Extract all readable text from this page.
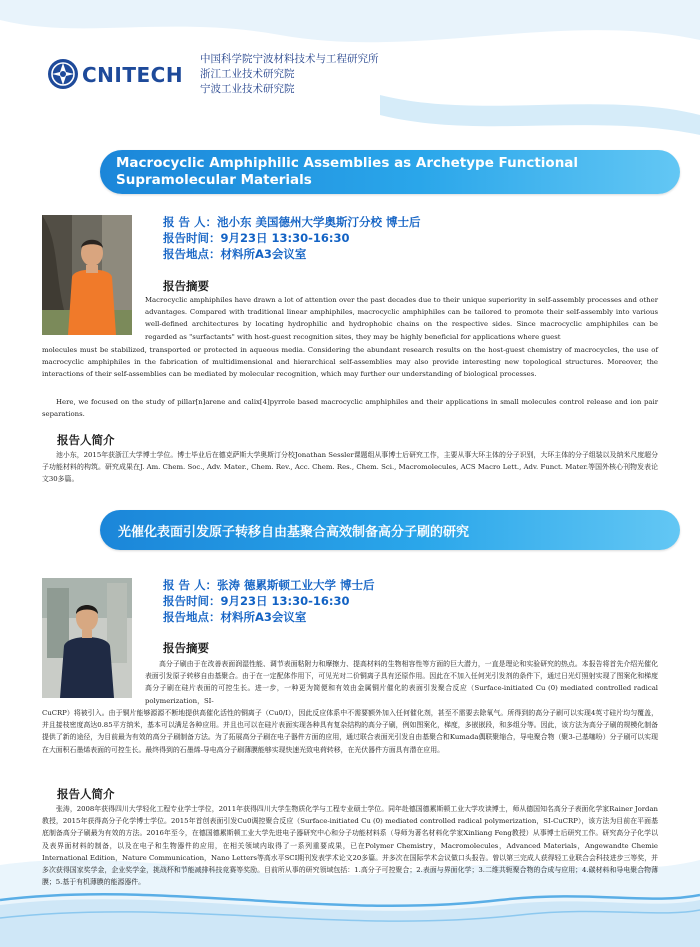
CNITECH
中国科学院宁波材料技术与工程研究所
浙江工业技术研究院
宁波工业技术研究院
Macrocyclic Amphiphilic Assemblies as Archetype Functional
Supramolecular Materials
报 告 人：池小东 美国德州大学奥斯汀分校 博士后
报告时间：9月23日 13:30-16:30
报告地点：材料所A3会议室
报告摘要
Macrocyclic amphiphiles have drawn a lot of attention over the past decades due to their unique superiority in self-assembly processes and other advantages. Compared with traditional linear amphiphiles, macrocyclic amphiphiles can be tailored to promote their self-assembly into various well-defined architectures by locating hydrophilic and hydrophobic chains on the respective sides. Since macrocyclic amphiphiles can be regarded as "surfactants" with host-guest recognition sites, they may be highly beneficial for applications where guest
molecules must be stabilized, transported or protected in aqueous media. Considering the abundant research results on the host-guest chemistry of macrocycles, the use of macrocyclic amphiphiles in the fabrication of multidimensional and hierarchical self-assemblies may also provide interesting new topological structures. Moreover, the interactions of their self-assemblies can be mediated by molecular recognition, which may further our understanding of biological processes.
Here, we focused on the study of pillar[n]arene and calix[4]pyrrole based macrocyclic amphiphiles and their applications in small molecules control release and ion pair separations.
报告人简介
池小东，2015年获浙江大学博士学位。博士毕业后在德克萨斯大学奥斯汀分校Jonathan Sessler课题组从事博士后研究工作，主要从事大环主体的分子识别，大环主体的分子组装以及纳米尺度超分子功能材料的构筑。研究成果在J. Am. Chem. Soc., Adv. Mater., Chem. Rev., Acc. Chem. Res., Chem. Sci., Macromolecules, ACS Macro Lett., Adv. Funct. Mater.等国外核心刊物发表论文30多篇。
光催化表面引发原子转移自由基聚合高效制备高分子刷的研究
报 告 人：张涛 德累斯顿工业大学 博士后
报告时间：9月23日 13:30-16:30
报告地点：材料所A3会议室
报告摘要
高分子刷由于在改善表面润湿性能、调节表面粘附力和摩擦力、提高材料的生物相容性等方面的巨大潜力，一直是理论和实验研究的热点。本报告将首先介绍光催化表面引发原子转移自由基聚合。由于在一定配体作用下，可见光对二价铜离子具有还原作用。因此在不加入任何光引发剂的条件下，通过日光灯照射实现了图案化和梯度高分子刷在硅片表面的可控生长。进一步，一种更为简便和有效由金属铜片催化的表面引发聚合反应（Surface-initiated Cu (0) mediated controlled radical polymerization，SI-
CuCRP）将被引入。由于铜片能够源源不断地提供高催化活性的铜离子（Cu0/I），因此反应体系中不需要额外加入任何催化剂，甚至不需要去除氧气。所得到的高分子刷可以实现4英寸硅片均匀覆盖，并且接枝密度高达0.85平方纳米，基本可以满足各种应用。并且也可以在硅片表面实现各种具有复杂结构的高分子刷，例如图案化，梯度，多嵌嵌段，和多组分等。因此，该方法为高分子刷的规模化制备提供了新的途径，为目前最为有效的高分子刷制备方法。为了拓展高分子刷在电子器件方面的应用，通过联合表面光引发自由基聚合和Kumada偶联聚缩合，导电聚合物（聚3-己基噻吩）分子刷可以实现在大面积石墨烯表面的可控生长。最终得到的石墨烯-导电高分子刷薄膜能够实现快速光致电荷转移，在光伏器件方面具有潜在应用。
报告人简介
张涛，2008年获得四川大学轻化工程专业学士学位，2011年获得四川大学生物质化学与工程专业硕士学位。同年赴德国德累斯顿工业大学攻读博士，师从德国知名高分子表面化学家Rainer Jordan教授，2015年获得高分子化学博士学位。2015年首创表面引发Cu0调控聚合反应（Surface-initiated Cu (0) mediated controlled radical polymerization，SI-CuCRP），该方法为目前在平面基底制备高分子刷最为有效的方法。2016年至今，在德国德累斯顿工业大学先进电子器研究中心和分子功能材料系（导师为著名材料化学家Xinliang Feng教授）从事博士后研究工作。研究高分子化学以及表界面材料的制备，以及在电子和生物器件的应用，在相关领域内取得了一系列重要成果，已在Polymer Chemistry，Macromolecules，Advanced Materials，Angewandte Chemie International Edition，Nature Communication，Nano Letters等高水平SCI期刊发表学术论文20多篇。并多次在国际学术会议做口头报告。曾以第三完成人获得轻工业联合会科技进步三等奖，并多次获得国家奖学金，企业奖学金，挑战杯和节能减排科技竞赛等奖励。目前所从事的研究领域包括：1.高分子可控聚合；2.表面与界面化学；3.二维共轭聚合物的合成与应用；4.碳材料和导电聚合物薄膜；5.基于有机薄膜的能源器件。
